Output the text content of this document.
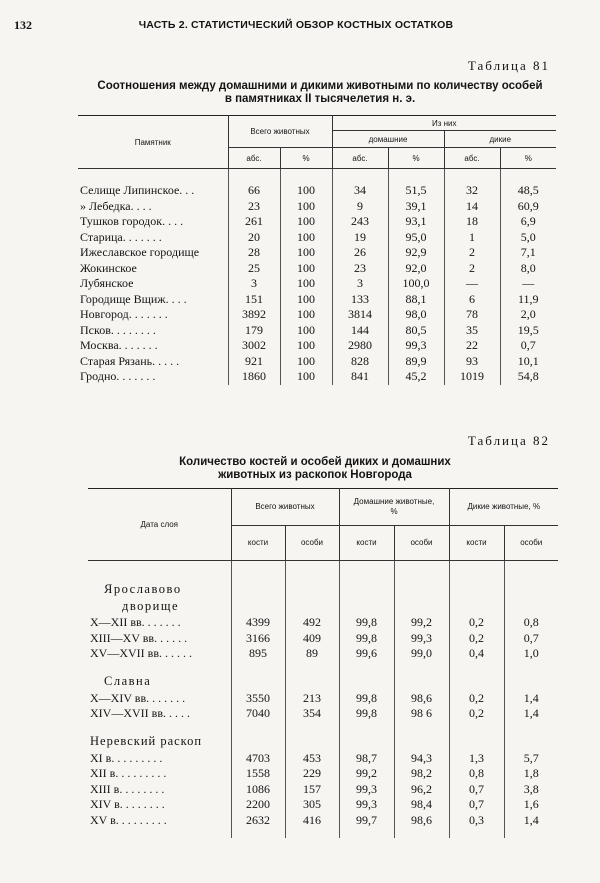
132	ЧАСТЬ 2. СТАТИСТИЧЕСКИЙ ОБЗОР КОСТНЫХ ОСТАТКОВ
Таблица 81
Соотношения между домашними и дикими животными по количеству особей
в памятниках II тысячелетия н. э.
Памятник	Всего животных		Из них			
			домашние		дикие	
	абс.	%	абс.	%	абс.	%

Селище Липинское. . .	66	100	34	51,5	32	48,5
» Лебедка. . . .	23	100	9	39,1	14	60,9
Тушков городок. . . .	261	100	243	93,1	18	6,9
Старица. . . . . . .	20	100	19	95,0	1	5,0
Ижеславское городище	28	100	26	92,9	2	7,1
Жокинское	25	100	23	92,0	2	8,0
Лубянское	3	100	3	100,0	—	—
Городище Вщиж. . . .	151	100	133	88,1	6	11,9
Новгород. . . . . . .	3892	100	3814	98,0	78	2,0
Псков. . . . . . . .	179	100	144	80,5	35	19,5
Москва. . . . . . .	3002	100	2980	99,3	22	0,7
Старая Рязань. . . . .	921	100	828	89,9	93	10,1
Гродно. . . . . . .	1860	100	841	45,2	1019	54,8
Таблица 82
Количество костей и особей диких и домашних
животных из раскопок Новгорода
Дата слоя	Всего животных		Домашние животные, %		Дикие животные, %	
	кости	особи	кости	особи	кости	особи

Ярославово						
дворище						
X—XII вв. . . . . . .	4399	492	99,8	99,2	0,2	0,8
XIII—XV вв. . . . . .	3166	409	99,8	99,3	0,2	0,7
XV—XVII вв. . . . . .	895	89	99,6	99,0	0,4	1,0

Славна						
X—XIV вв. . . . . . .	3550	213	99,8	98,6	0,2	1,4
XIV—XVII вв. . . . .	7040	354	99,8	98 6	0,2	1,4

Неревский раскоп						
XI в. . . . . . . . .	4703	453	98,7	94,3	1,3	5,7
XII в. . . . . . . . .	1558	229	99,2	98,2	0,8	1,8
XIII в. . . . . . . .	1086	157	99,3	96,2	0,7	3,8
XIV в. . . . . . . .	2200	305	99,3	98,4	0,7	1,6
XV в. . . . . . . . .	2632	416	99,7	98,6	0,3	1,4
